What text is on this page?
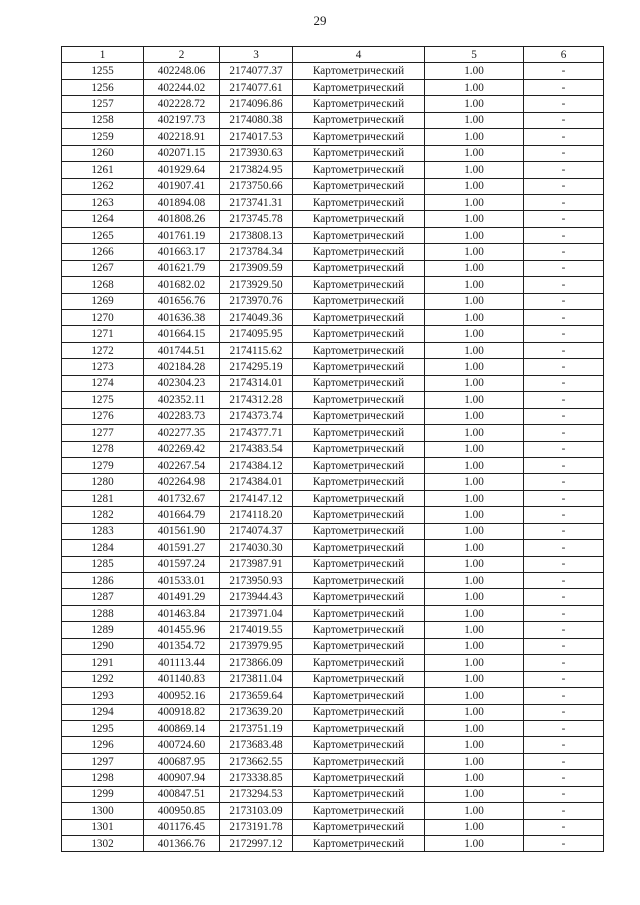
29
1	2	3	4	5	6
1255	402248.06	2174077.37	Картометрический	1.00	-
1256	402244.02	2174077.61	Картометрический	1.00	-
1257	402228.72	2174096.86	Картометрический	1.00	-
1258	402197.73	2174080.38	Картометрический	1.00	-
1259	402218.91	2174017.53	Картометрический	1.00	-
1260	402071.15	2173930.63	Картометрический	1.00	-
1261	401929.64	2173824.95	Картометрический	1.00	-
1262	401907.41	2173750.66	Картометрический	1.00	-
1263	401894.08	2173741.31	Картометрический	1.00	-
1264	401808.26	2173745.78	Картометрический	1.00	-
1265	401761.19	2173808.13	Картометрический	1.00	-
1266	401663.17	2173784.34	Картометрический	1.00	-
1267	401621.79	2173909.59	Картометрический	1.00	-
1268	401682.02	2173929.50	Картометрический	1.00	-
1269	401656.76	2173970.76	Картометрический	1.00	-
1270	401636.38	2174049.36	Картометрический	1.00	-
1271	401664.15	2174095.95	Картометрический	1.00	-
1272	401744.51	2174115.62	Картометрический	1.00	-
1273	402184.28	2174295.19	Картометрический	1.00	-
1274	402304.23	2174314.01	Картометрический	1.00	-
1275	402352.11	2174312.28	Картометрический	1.00	-
1276	402283.73	2174373.74	Картометрический	1.00	-
1277	402277.35	2174377.71	Картометрический	1.00	-
1278	402269.42	2174383.54	Картометрический	1.00	-
1279	402267.54	2174384.12	Картометрический	1.00	-
1280	402264.98	2174384.01	Картометрический	1.00	-
1281	401732.67	2174147.12	Картометрический	1.00	-
1282	401664.79	2174118.20	Картометрический	1.00	-
1283	401561.90	2174074.37	Картометрический	1.00	-
1284	401591.27	2174030.30	Картометрический	1.00	-
1285	401597.24	2173987.91	Картометрический	1.00	-
1286	401533.01	2173950.93	Картометрический	1.00	-
1287	401491.29	2173944.43	Картометрический	1.00	-
1288	401463.84	2173971.04	Картометрический	1.00	-
1289	401455.96	2174019.55	Картометрический	1.00	-
1290	401354.72	2173979.95	Картометрический	1.00	-
1291	401113.44	2173866.09	Картометрический	1.00	-
1292	401140.83	2173811.04	Картометрический	1.00	-
1293	400952.16	2173659.64	Картометрический	1.00	-
1294	400918.82	2173639.20	Картометрический	1.00	-
1295	400869.14	2173751.19	Картометрический	1.00	-
1296	400724.60	2173683.48	Картометрический	1.00	-
1297	400687.95	2173662.55	Картометрический	1.00	-
1298	400907.94	2173338.85	Картометрический	1.00	-
1299	400847.51	2173294.53	Картометрический	1.00	-
1300	400950.85	2173103.09	Картометрический	1.00	-
1301	401176.45	2173191.78	Картометрический	1.00	-
1302	401366.76	2172997.12	Картометрический	1.00	-
